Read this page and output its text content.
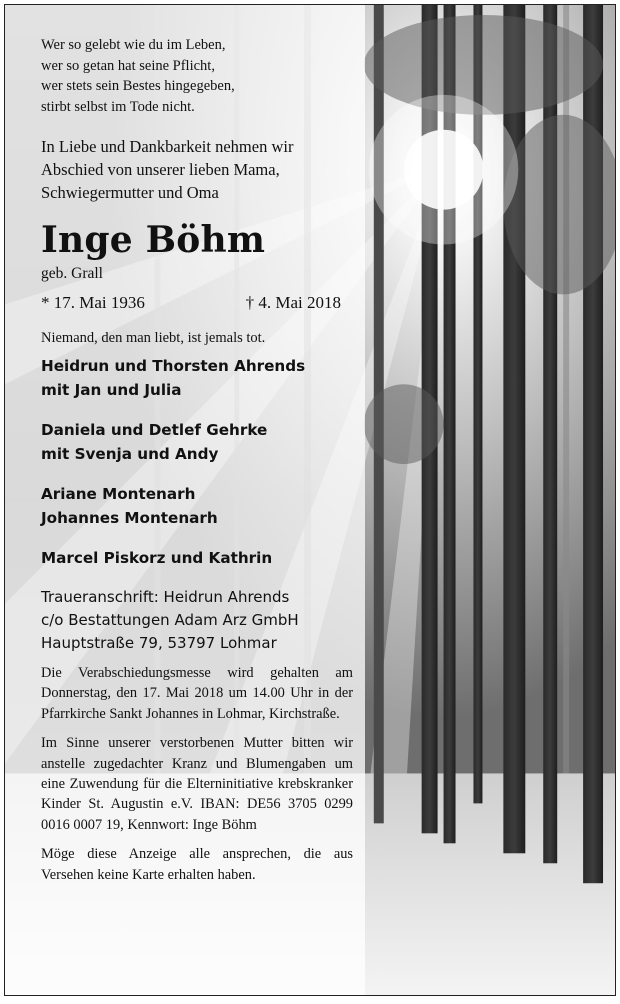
Wer so gelebt wie du im Leben,
wer so getan hat seine Pflicht,
wer stets sein Bestes hingegeben,
stirbt selbst im Tode nicht.
In Liebe und Dankbarkeit nehmen wir
Abschied von unserer lieben Mama,
Schwiegermutter und Oma
Inge Böhm
geb. Grall
* 17. Mai 1936	† 4. Mai 2018
Niemand, den man liebt, ist jemals tot.
Heidrun und Thorsten Ahrends
mit Jan und Julia
Daniela und Detlef Gehrke
mit Svenja und Andy
Ariane Montenarh
Johannes Montenarh
Marcel Piskorz und Kathrin
Traueranschrift: Heidrun Ahrends
c/o Bestattungen Adam Arz GmbH
Hauptstraße 79, 53797 Lohmar
Die Verabschiedungsmesse wird gehalten am Donnerstag, den 17. Mai 2018 um 14.00 Uhr in der Pfarrkirche Sankt Johannes in Lohmar, Kirchstraße.
Im Sinne unserer verstorbenen Mutter bitten wir anstelle zugedachter Kranz und Blumengaben um eine Zuwendung für die Elterninitiative krebskranker Kinder St. Augustin e.V. IBAN: DE56 3705 0299 0016 0007 19, Kennwort: Inge Böhm
Möge diese Anzeige alle ansprechen, die aus Versehen keine Karte erhalten haben.
